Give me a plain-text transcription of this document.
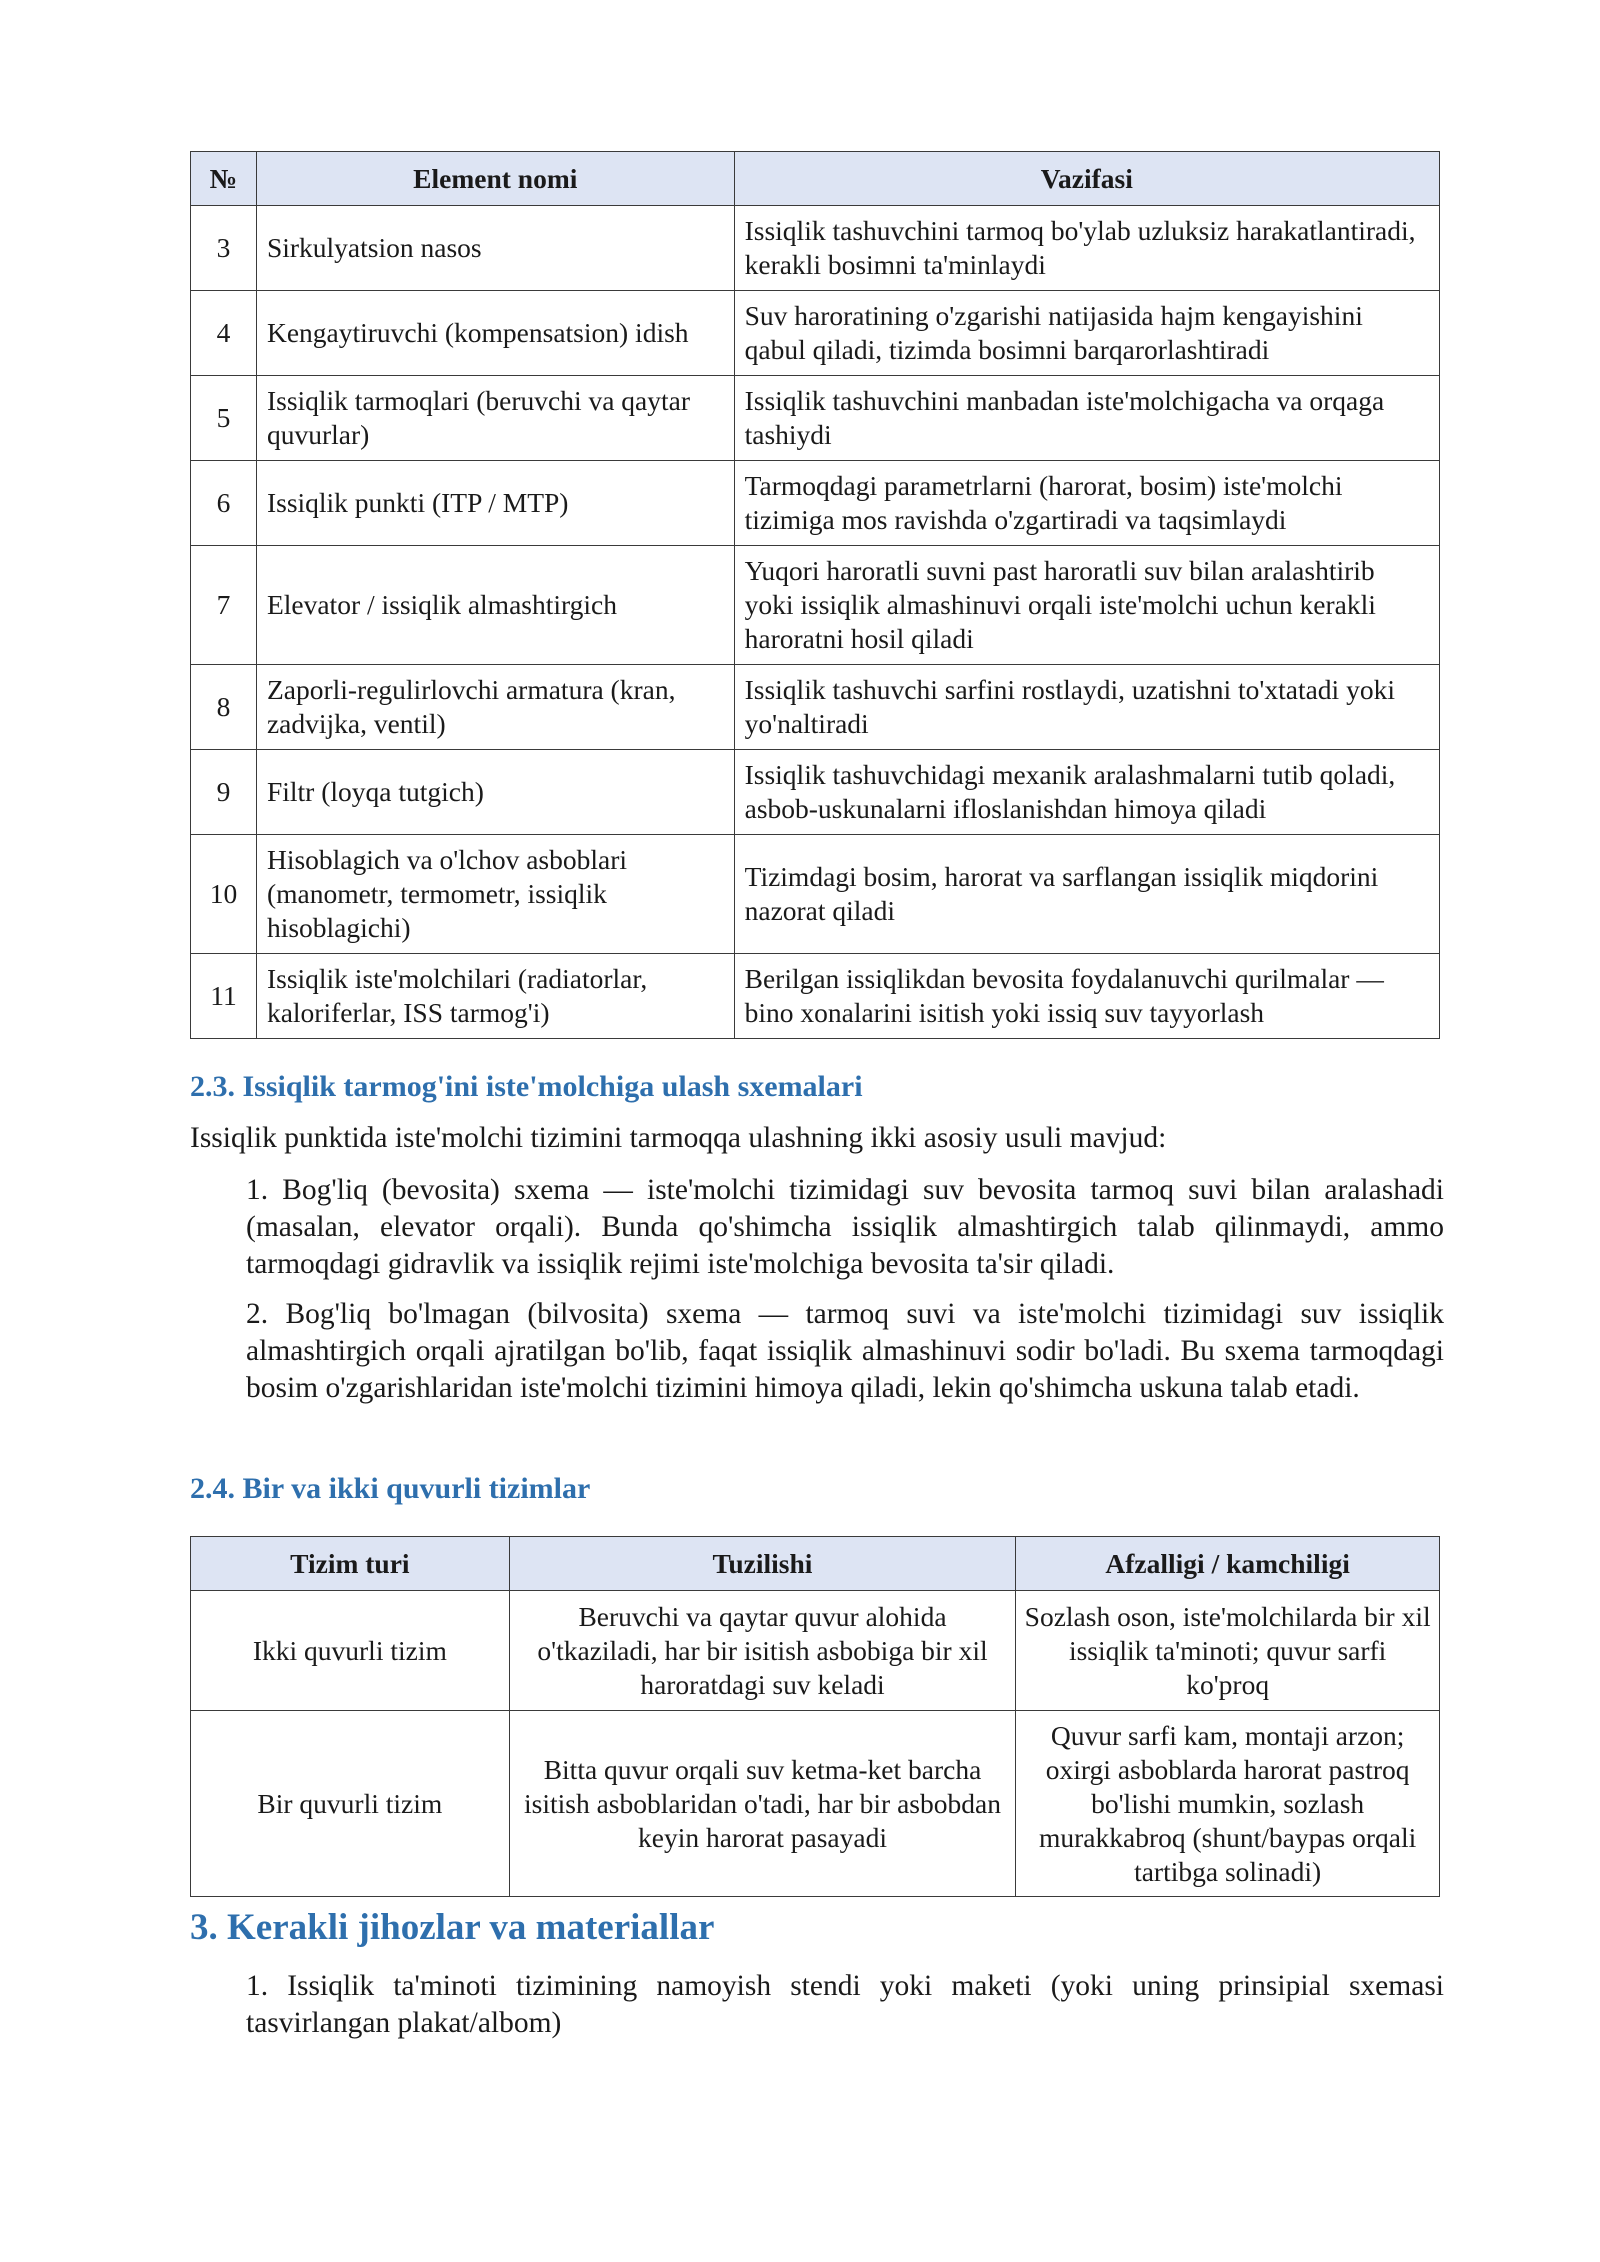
№	Element nomi	Vazifasi
3	Sirkulyatsion nasos	Issiqlik tashuvchini tarmoq bo'ylab uzluksiz harakatlantiradi, kerakli bosimni ta'minlaydi
4	Kengaytiruvchi (kompensatsion) idish	Suv haroratining o'zgarishi natijasida hajm kengayishini qabul qiladi, tizimda bosimni barqarorlashtiradi
5	Issiqlik tarmoqlari (beruvchi va qaytar quvurlar)	Issiqlik tashuvchini manbadan iste'molchigacha va orqaga tashiydi
6	Issiqlik punkti (ITP / MTP)	Tarmoqdagi parametrlarni (harorat, bosim) iste'molchi tizimiga mos ravishda o'zgartiradi va taqsimlaydi
7	Elevator / issiqlik almashtirgich	Yuqori haroratli suvni past haroratli suv bilan aralashtirib yoki issiqlik almashinuvi orqali iste'molchi uchun kerakli haroratni hosil qiladi
8	Zaporli-regulirlovchi armatura (kran, zadvijka, ventil)	Issiqlik tashuvchi sarfini rostlaydi, uzatishni to'xtatadi yoki yo'naltiradi
9	Filtr (loyqa tutgich)	Issiqlik tashuvchidagi mexanik aralashmalarni tutib qoladi, asbob-uskunalarni ifloslanishdan himoya qiladi
10	Hisoblagich va o'lchov asboblari (manometr, termometr, issiqlik hisoblagichi)	Tizimdagi bosim, harorat va sarflangan issiqlik miqdorini nazorat qiladi
11	Issiqlik iste'molchilari (radiatorlar, kaloriferlar, ISS tarmog'i)	Berilgan issiqlikdan bevosita foydalanuvchi qurilmalar — bino xonalarini isitish yoki issiq suv tayyorlash
2.3. Issiqlik tarmog'ini iste'molchiga ulash sxemalari
Issiqlik punktida iste'molchi tizimini tarmoqqa ulashning ikki asosiy usuli mavjud:
1. Bog'liq (bevosita) sxema — iste'molchi tizimidagi suv bevosita tarmoq suvi bilan aralashadi (masalan, elevator orqali). Bunda qo'shimcha issiqlik almashtirgich talab qilinmaydi, ammo tarmoqdagi gidravlik va issiqlik rejimi iste'molchiga bevosita ta'sir qiladi.
2. Bog'liq bo'lmagan (bilvosita) sxema — tarmoq suvi va iste'molchi tizimidagi suv issiqlik almashtirgich orqali ajratilgan bo'lib, faqat issiqlik almashinuvi sodir bo'ladi. Bu sxema tarmoqdagi bosim o'zgarishlaridan iste'molchi tizimini himoya qiladi, lekin qo'shimcha uskuna talab etadi.
2.4. Bir va ikki quvurli tizimlar
Tizim turi	Tuzilishi	Afzalligi / kamchiligi
Ikki quvurli tizim	Beruvchi va qaytar quvur alohida o'tkaziladi, har bir isitish asbobiga bir xil haroratdagi suv keladi	Sozlash oson, iste'molchilarda bir xil issiqlik ta'minoti; quvur sarfi ko'proq
Bir quvurli tizim	Bitta quvur orqali suv ketma-ket barcha isitish asboblaridan o'tadi, har bir asbobdan keyin harorat pasayadi	Quvur sarfi kam, montaji arzon; oxirgi asboblarda harorat pastroq bo'lishi mumkin, sozlash murakkabroq (shunt/baypas orqali tartibga solinadi)
3. Kerakli jihozlar va materiallar
1. Issiqlik ta'minoti tizimining namoyish stendi yoki maketi (yoki uning prinsipial sxemasi tasvirlangan plakat/albom)
